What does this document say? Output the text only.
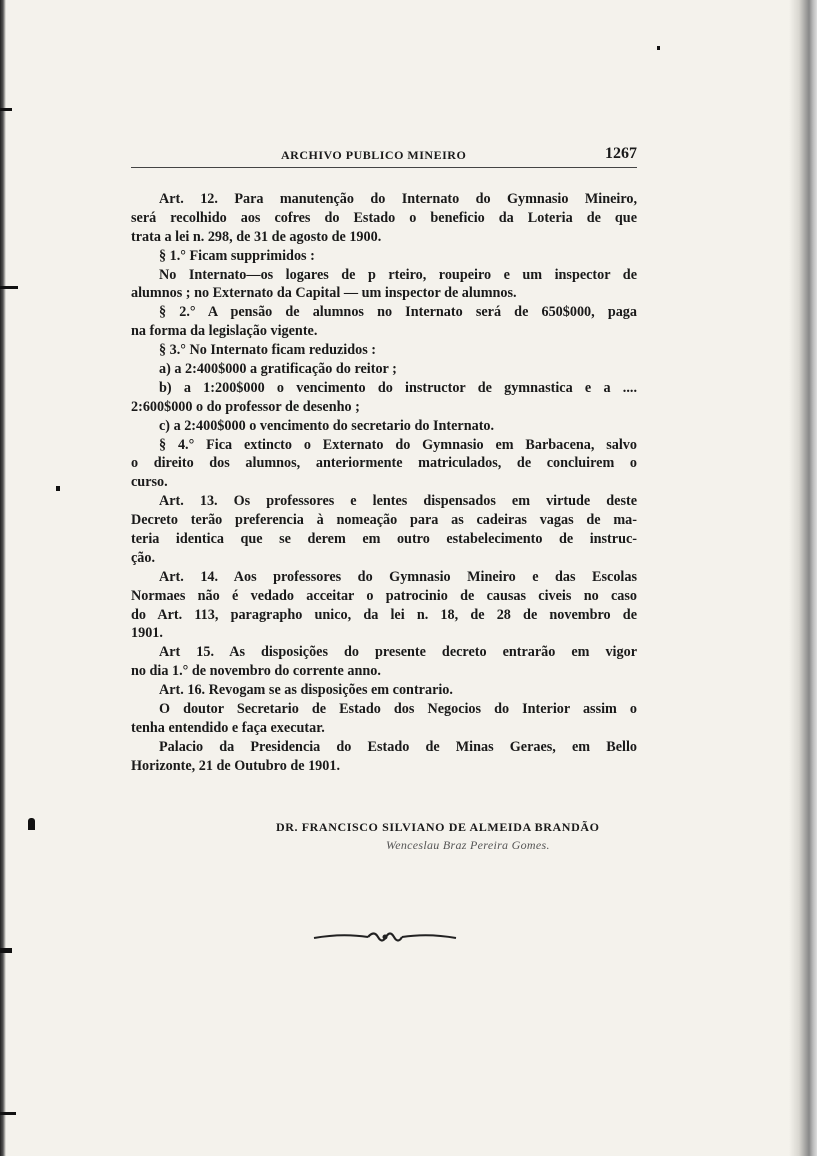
ARCHIVO PUBLICO MINEIRO	1267
Art. 12. Para manutenção do Internato do Gymnasio Mineiro,
será recolhido aos cofres do Estado o beneficio da Loteria de que
trata a lei n. 298, de 31 de agosto de 1900.
§ 1.° Ficam supprimidos :
No Internato—os logares de p rteiro, roupeiro e um inspector de
alumnos ; no Externato da Capital — um inspector de alumnos.
§ 2.° A pensão de alumnos no Internato será de 650$000, paga
na forma da legislação vigente.
§ 3.° No Internato ficam reduzidos :
a) a 2:400$000 a gratificação do reitor ;
b) a 1:200$000 o vencimento do instructor de gymnastica e a ....
2:600$000 o do professor de desenho ;
c) a 2:400$000 o vencimento do secretario do Internato.
§ 4.° Fica extincto o Externato do Gymnasio em Barbacena, salvo
o direito dos alumnos, anteriormente matriculados, de concluirem o
curso.
Art. 13. Os professores e lentes dispensados em virtude deste
Decreto terão preferencia à nomeação para as cadeiras vagas de ma-
teria identica que se derem em outro estabelecimento de instruc-
ção.
Art. 14. Aos professores do Gymnasio Mineiro e das Escolas
Normaes não é vedado acceitar o patrocinio de causas civeis no caso
do Art. 113, paragrapho unico, da lei n. 18, de 28 de novembro de
1901.
Art 15. As disposições do presente decreto entrarão em vigor
no dia 1.° de novembro do corrente anno.
Art. 16. Revogam se as disposições em contrario.
O doutor Secretario de Estado dos Negocios do Interior assim o
tenha entendido e faça executar.
Palacio da Presidencia do Estado de Minas Geraes, em Bello
Horizonte, 21 de Outubro de 1901.
DR. FRANCISCO SILVIANO DE ALMEIDA BRANDÃO
Wenceslau Braz Pereira Gomes.
